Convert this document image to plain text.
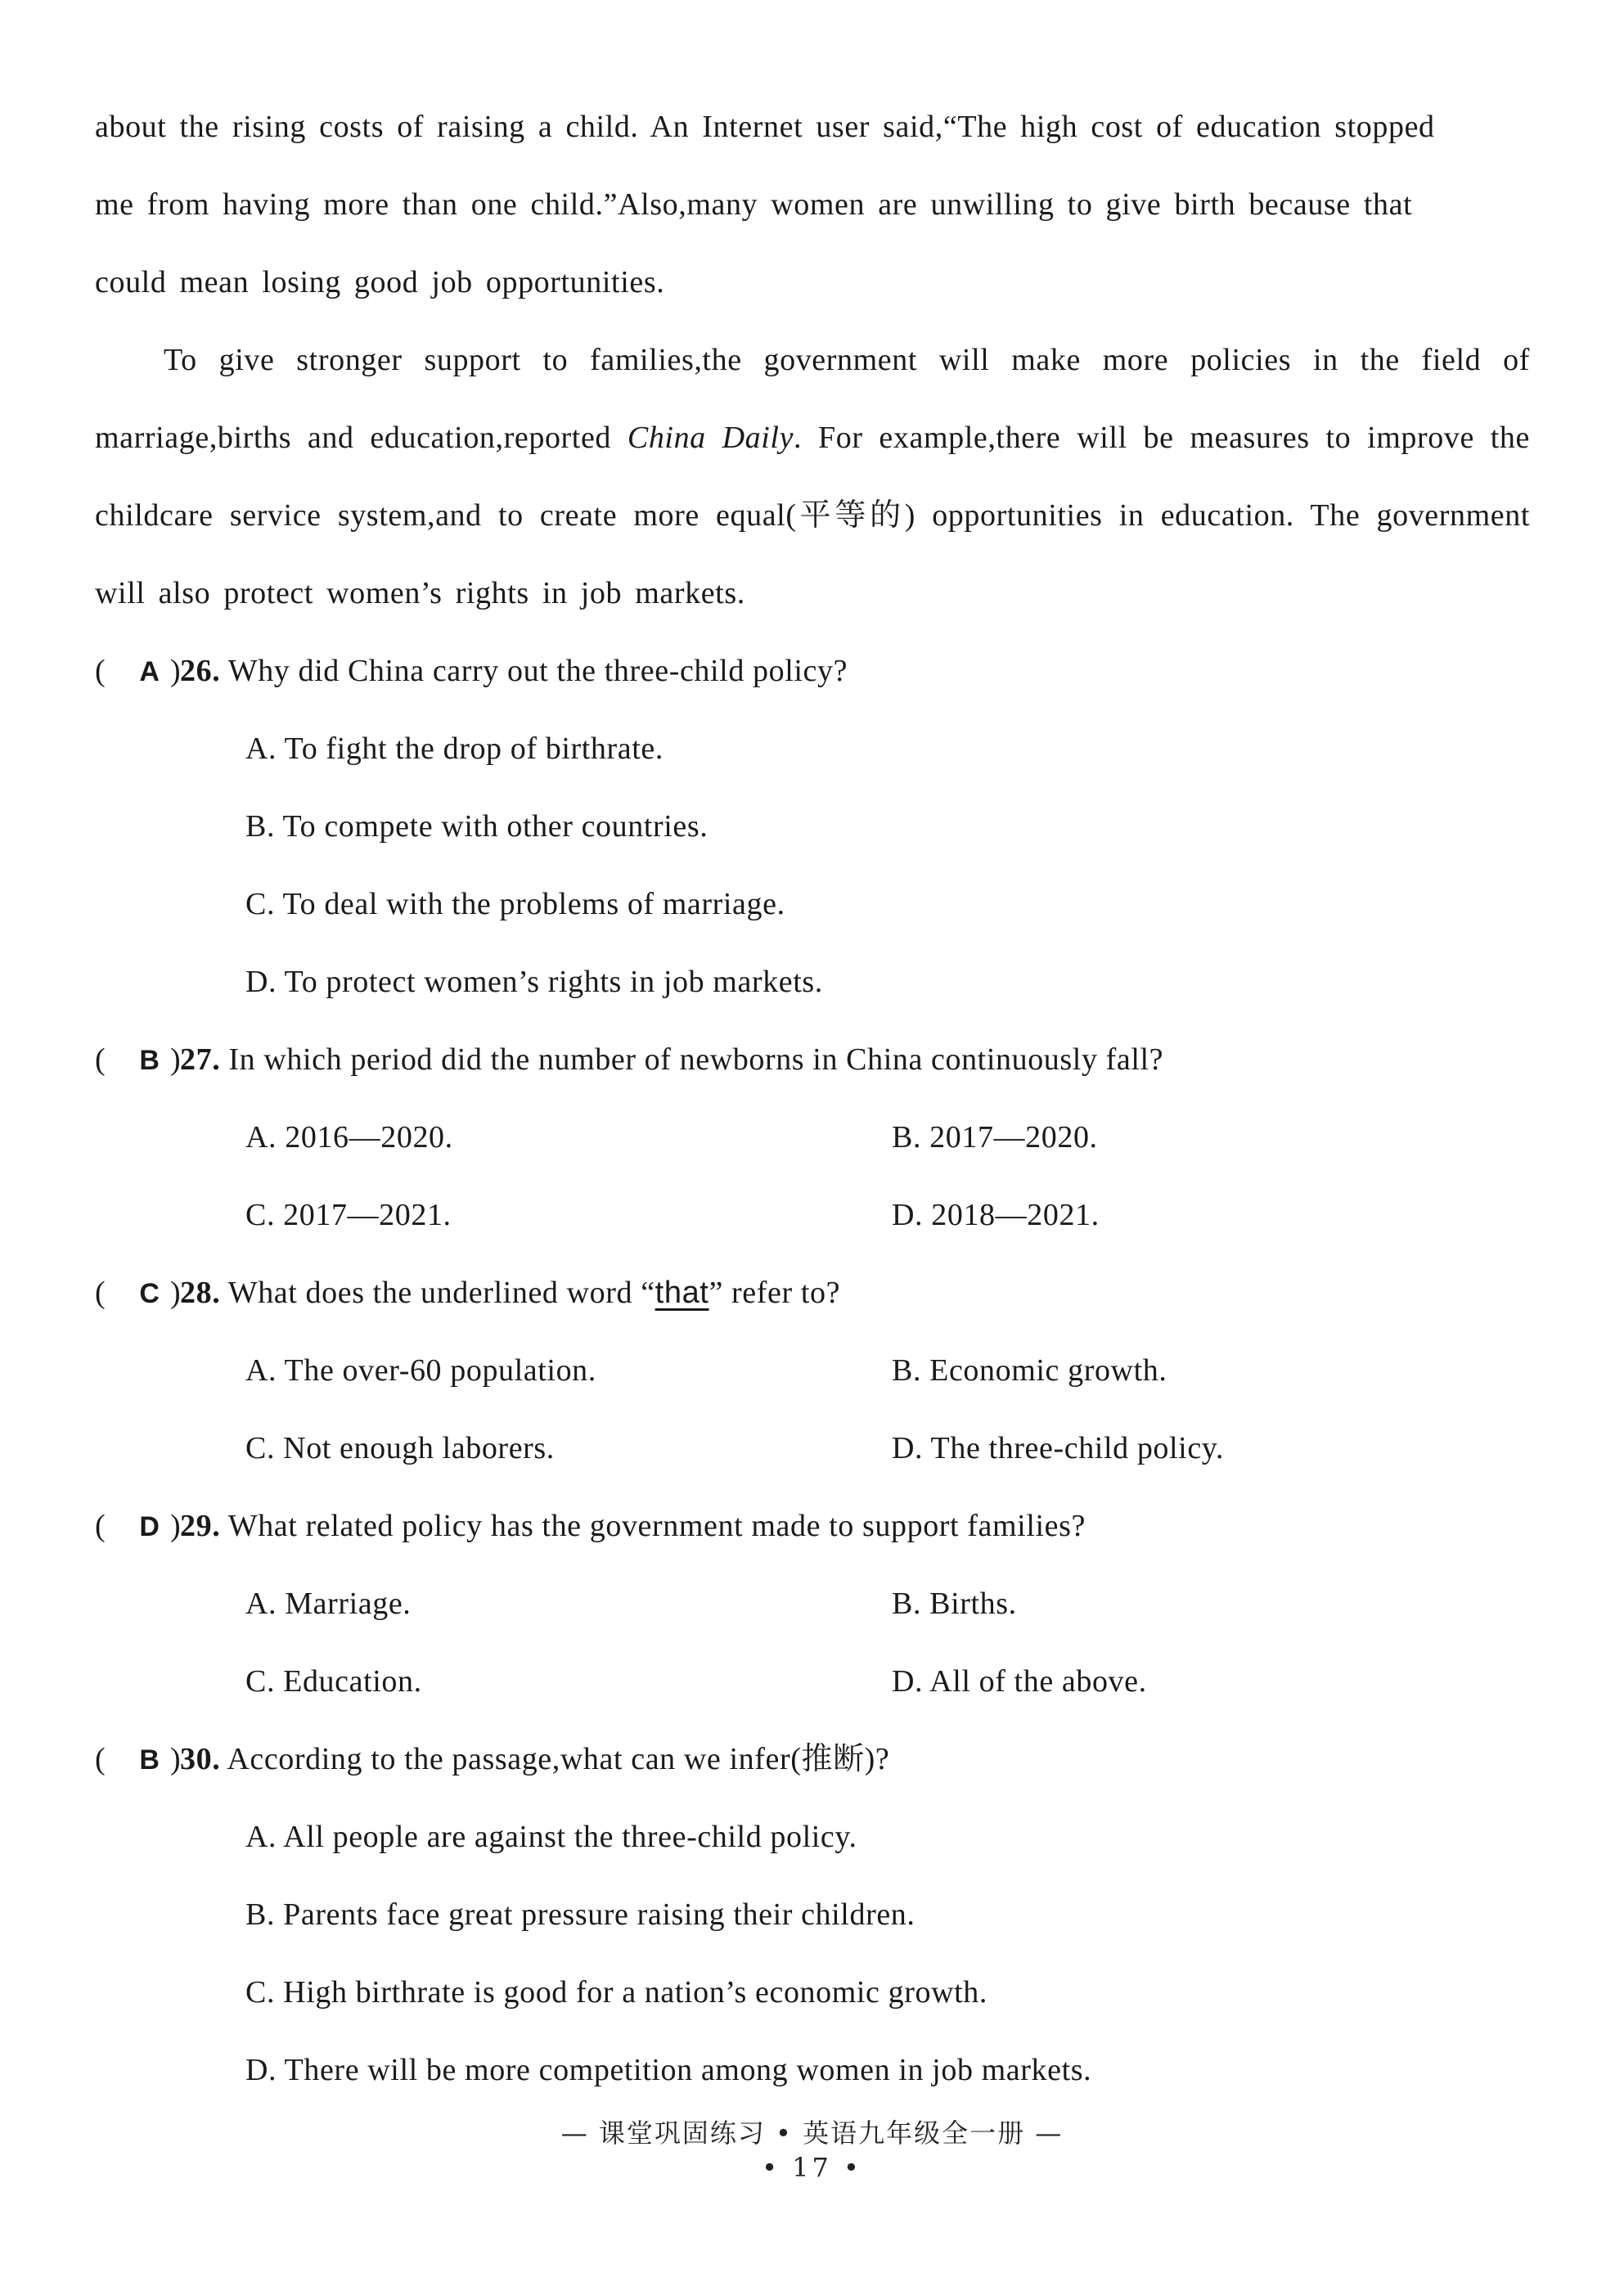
about the rising costs of raising a child. An Internet user said,“The high cost of education stopped
me from having more than one child.”Also,many women are unwilling to give birth because that
could mean losing good job opportunities.

To give stronger support to families,the government will make more policies in the field of marriage,births and education,reported China Daily. For example,there will be measures to improve the childcare service system,and to create more equal(平等的) opportunities in education. The government will also protect women’s rights in job markets.

( A )26. Why did China carry out the three-child policy?
A. To fight the drop of birthrate.
B. To compete with other countries.
C. To deal with the problems of marriage.
D. To protect women’s rights in job markets.
( B )27. In which period did the number of newborns in China continuously fall?
A. 2016—2020.	B. 2017—2020.
C. 2017—2021.	D. 2018—2021.
( C )28. What does the underlined word “that” refer to?
A. The over-60 population.	B. Economic growth.
C. Not enough laborers.	D. The three-child policy.
( D )29. What related policy has the government made to support families?
A. Marriage.	B. Births.
C. Education.	D. All of the above.
( B )30. According to the passage,what can we infer(推断)?
A. All people are against the three-child policy.
B. Parents face great pressure raising their children.
C. High birthrate is good for a nation’s economic growth.
D. There will be more competition among women in job markets.
— 课堂巩固练习 • 英语九年级全一册 —
• 17 •
